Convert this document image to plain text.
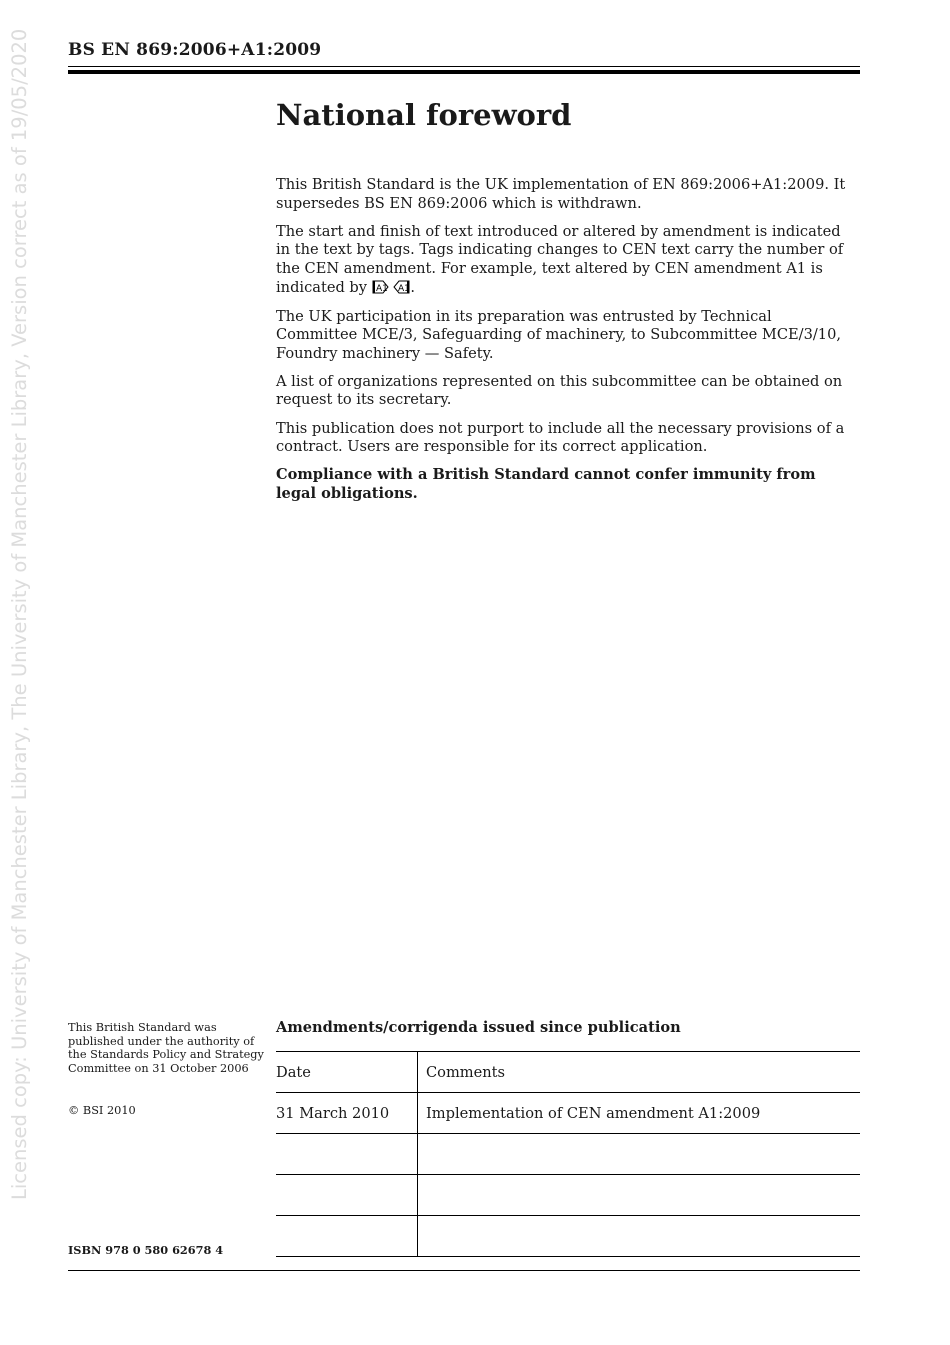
BS EN 869:2006+A1:2009
Licensed copy: University of Manchester Library, The University of Manchester Library, Version correct as of 19/05/2020	National foreword

This British Standard is the UK implementation of EN 869:2006+A1:2009. It supersedes BS EN 869:2006 which is withdrawn.

The start and finish of text introduced or altered by amendment is indicated in the text by tags. Tags indicating changes to CEN text carry the number of the CEN amendment. For example, text altered by CEN amendment A1 is indicated by A1
A1 .

The UK participation in its preparation was entrusted by Technical Committee MCE/3, Safeguarding of machinery, to Subcommittee MCE/3/10, Foundry machinery — Safety.

A list of organizations represented on this subcommittee can be obtained on request to its secretary.

This publication does not purport to include all the necessary provisions of a contract. Users are responsible for its correct application.

Compliance with a British Standard cannot confer immunity from legal obligations.

This British Standard was published under the authority of the Standards Policy and Strategy Committee on 31 October 2006

© BSI 2010
ISBN 978 0 580 62678 4
Amendments/corrigenda issued since publication
Date	Comments
31 March 2010	Implementation of CEN amendment A1:2009
